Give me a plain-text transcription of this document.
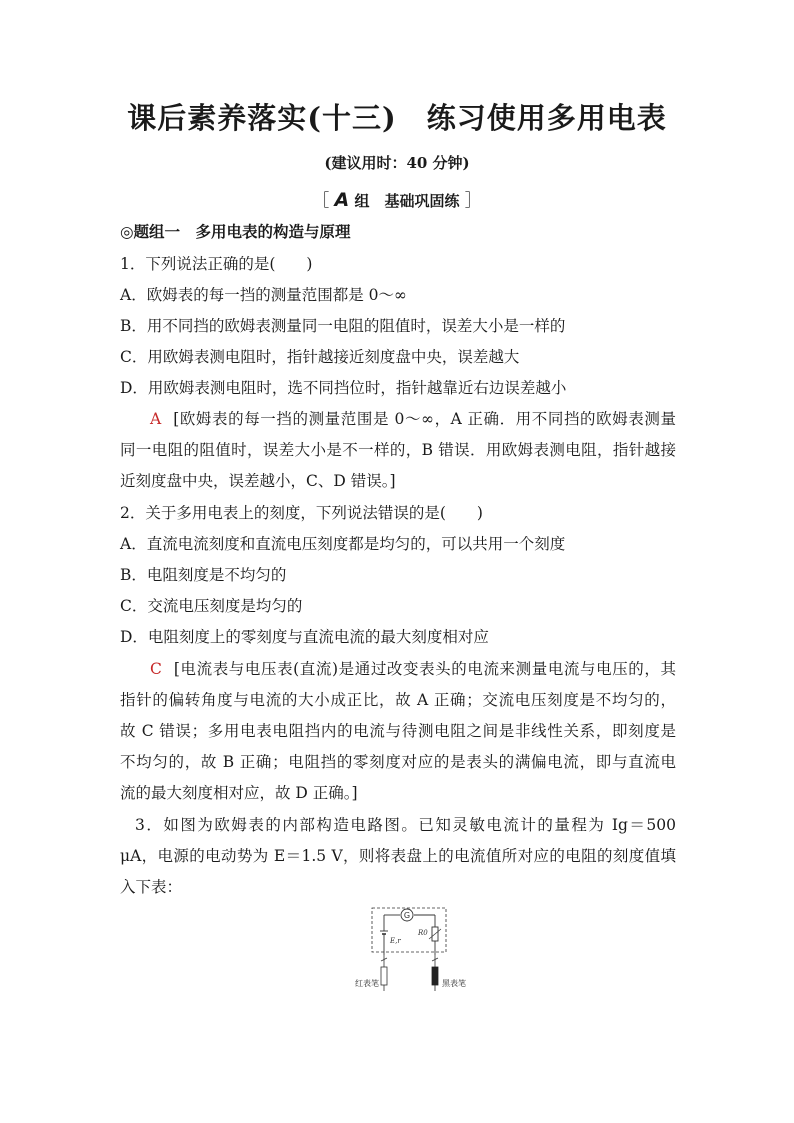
课后素养落实(十三)　练习使用多用电表
(建议用时：40 分钟)
［ A 组　基础巩固练 ］
◎题组一　多用电表的构造与原理
1．下列说法正确的是(　　)
A．欧姆表的每一挡的测量范围都是 0～∞
B．用不同挡的欧姆表测量同一电阻的阻值时，误差大小是一样的
C．用欧姆表测电阻时，指针越接近刻度盘中央，误差越大
D．用欧姆表测电阻时，选不同挡位时，指针越靠近右边误差越小
A [欧姆表的每一挡的测量范围是 0～∞，A 正确．用不同挡的欧姆表测量
同一电阻的阻值时，误差大小是不一样的，B 错误．用欧姆表测电阻，指针越接
近刻度盘中央，误差越小，C、D 错误。]
2．关于多用电表上的刻度，下列说法错误的是(　　)
A．直流电流刻度和直流电压刻度都是均匀的，可以共用一个刻度
B．电阻刻度是不均匀的
C．交流电压刻度是均匀的
D．电阻刻度上的零刻度与直流电流的最大刻度相对应
C [电流表与电压表(直流)是通过改变表头的电流来测量电流与电压的，其
指针的偏转角度与电流的大小成正比，故 A 正确；交流电压刻度是不均匀的，
故 C 错误；多用电表电阻挡内的电流与待测电阻之间是非线性关系，即刻度是
不均匀的，故 B 正确；电阻挡的零刻度对应的是表头的满偏电流，即与直流电
流的最大刻度相对应，故 D 正确。]
3．如图为欧姆表的内部构造电路图。已知灵敏电流计的量程为 Ig＝500
μA，电源的电动势为 E＝1.5 V，则将表盘上的电流值所对应的电阻的刻度值填
入下表：
G
E,r
R0
红表笔	黑表笔
